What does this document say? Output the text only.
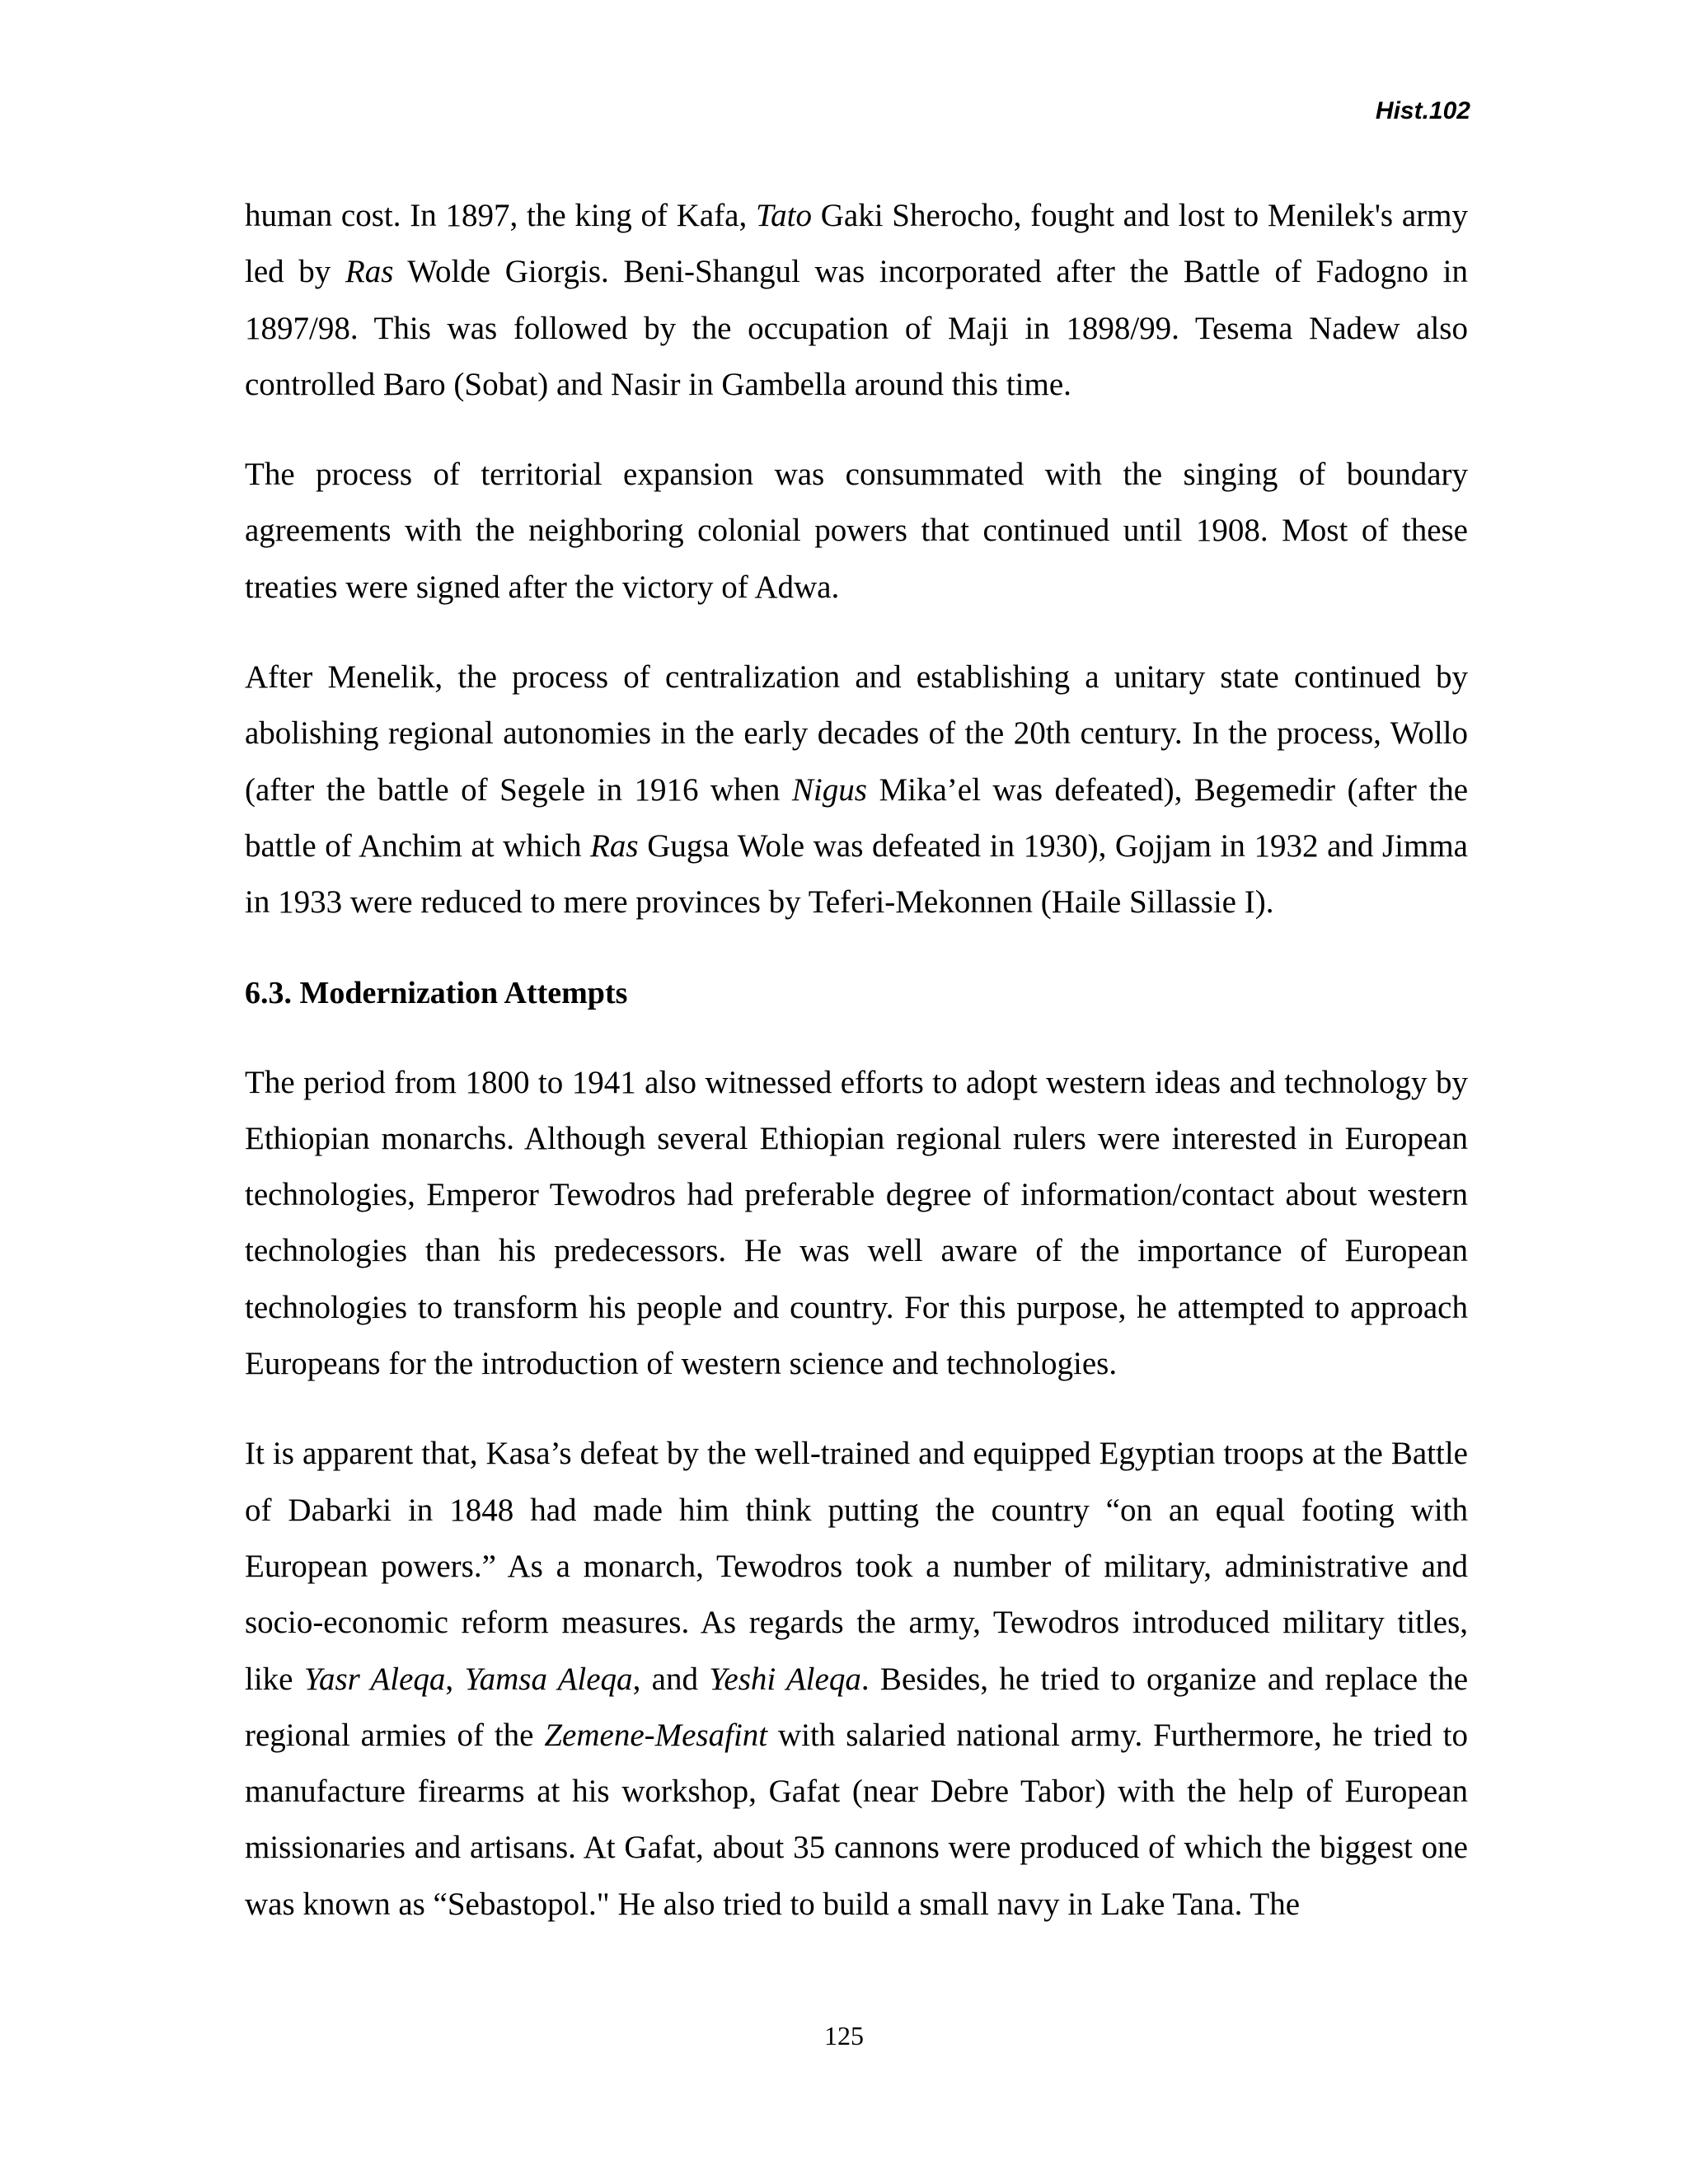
Hist.102

human cost. In 1897, the king of Kafa, Tato Gaki Sherocho, fought and lost to Menilek's army led by Ras Wolde Giorgis. Beni-Shangul was incorporated after the Battle of Fadogno in 1897/98. This was followed by the occupation of Maji in 1898/99. Tesema Nadew also controlled Baro (Sobat) and Nasir in Gambella around this time.

The process of territorial expansion was consummated with the singing of boundary agreements with the neighboring colonial powers that continued until 1908. Most of these treaties were signed after the victory of Adwa.

After Menelik, the process of centralization and establishing a unitary state continued by abolishing regional autonomies in the early decades of the 20th century. In the process, Wollo (after the battle of Segele in 1916 when Nigus Mika’el was defeated), Begemedir (after the battle of Anchim at which Ras Gugsa Wole was defeated in 1930), Gojjam in 1932 and Jimma in 1933 were reduced to mere provinces by Teferi-Mekonnen (Haile Sillassie I).

6.3. Modernization Attempts

The period from 1800 to 1941 also witnessed efforts to adopt western ideas and technology by Ethiopian monarchs. Although several Ethiopian regional rulers were interested in European technologies, Emperor Tewodros had preferable degree of information/contact about western technologies than his predecessors. He was well aware of the importance of European technologies to transform his people and country. For this purpose, he attempted to approach Europeans for the introduction of western science and technologies.

It is apparent that, Kasa’s defeat by the well-trained and equipped Egyptian troops at the Battle of Dabarki in 1848 had made him think putting the country “on an equal footing with European powers.” As a monarch, Tewodros took a number of military, administrative and socio-economic reform measures. As regards the army, Tewodros introduced military titles, like Yasr Aleqa, Yamsa Aleqa, and Yeshi Aleqa. Besides, he tried to organize and replace the regional armies of the Zemene-Mesafint with salaried national army. Furthermore, he tried to manufacture firearms at his workshop, Gafat (near Debre Tabor) with the help of European missionaries and artisans. At Gafat, about 35 cannons were produced of which the biggest one was known as “Sebastopol." He also tried to build a small navy in Lake Tana. The

125
